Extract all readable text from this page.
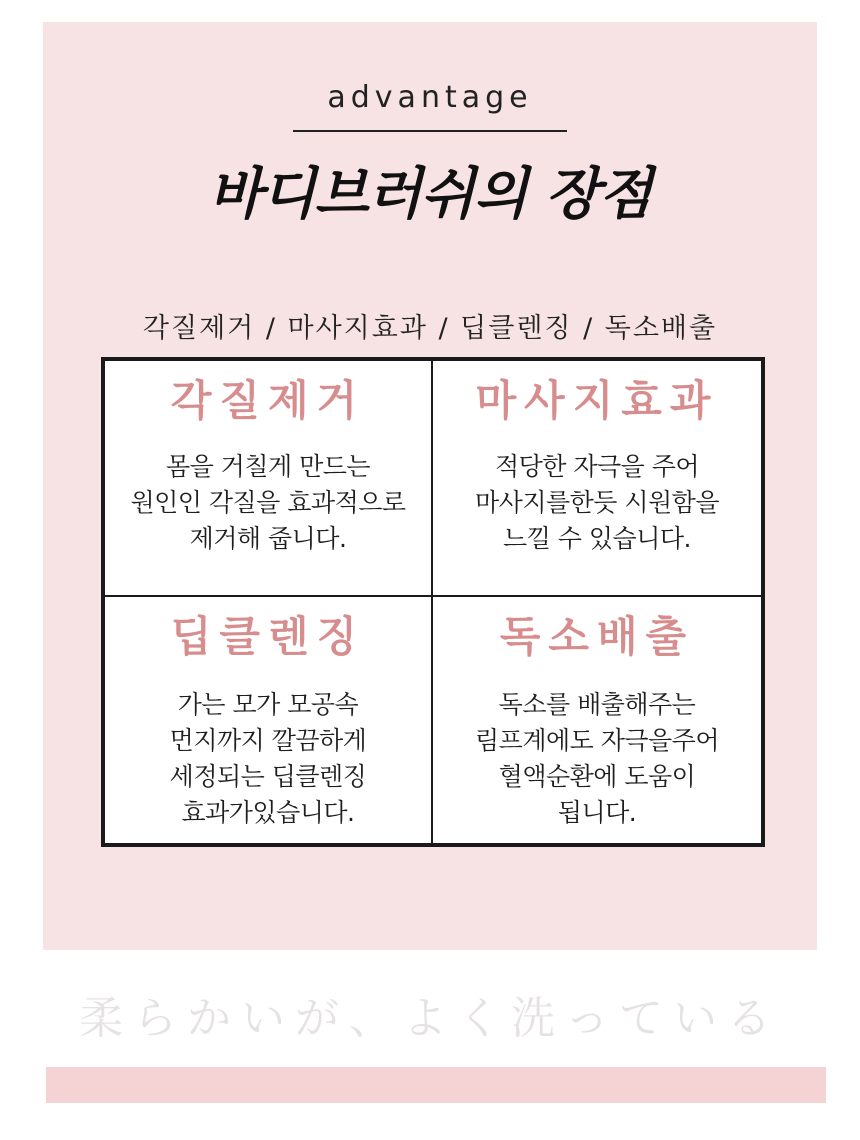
advantage
바디브러쉬의 장점
각질제거 / 마사지효과 / 딥클렌징 / 독소배출
각질제거
몸을 거칠게 만드는
원인인 각질을 효과적으로
제거해 줍니다.
마사지효과
적당한 자극을 주어
마사지를한듯 시원함을
느낄 수 있습니다.
딥클렌징
가는 모가 모공속
먼지까지 깔끔하게
세정되는 딥클렌징
효과가있습니다.
독소배출
독소를 배출해주는
림프계에도 자극을주어
혈액순환에 도움이
됩니다.
柔らかいが、よく洗っている
